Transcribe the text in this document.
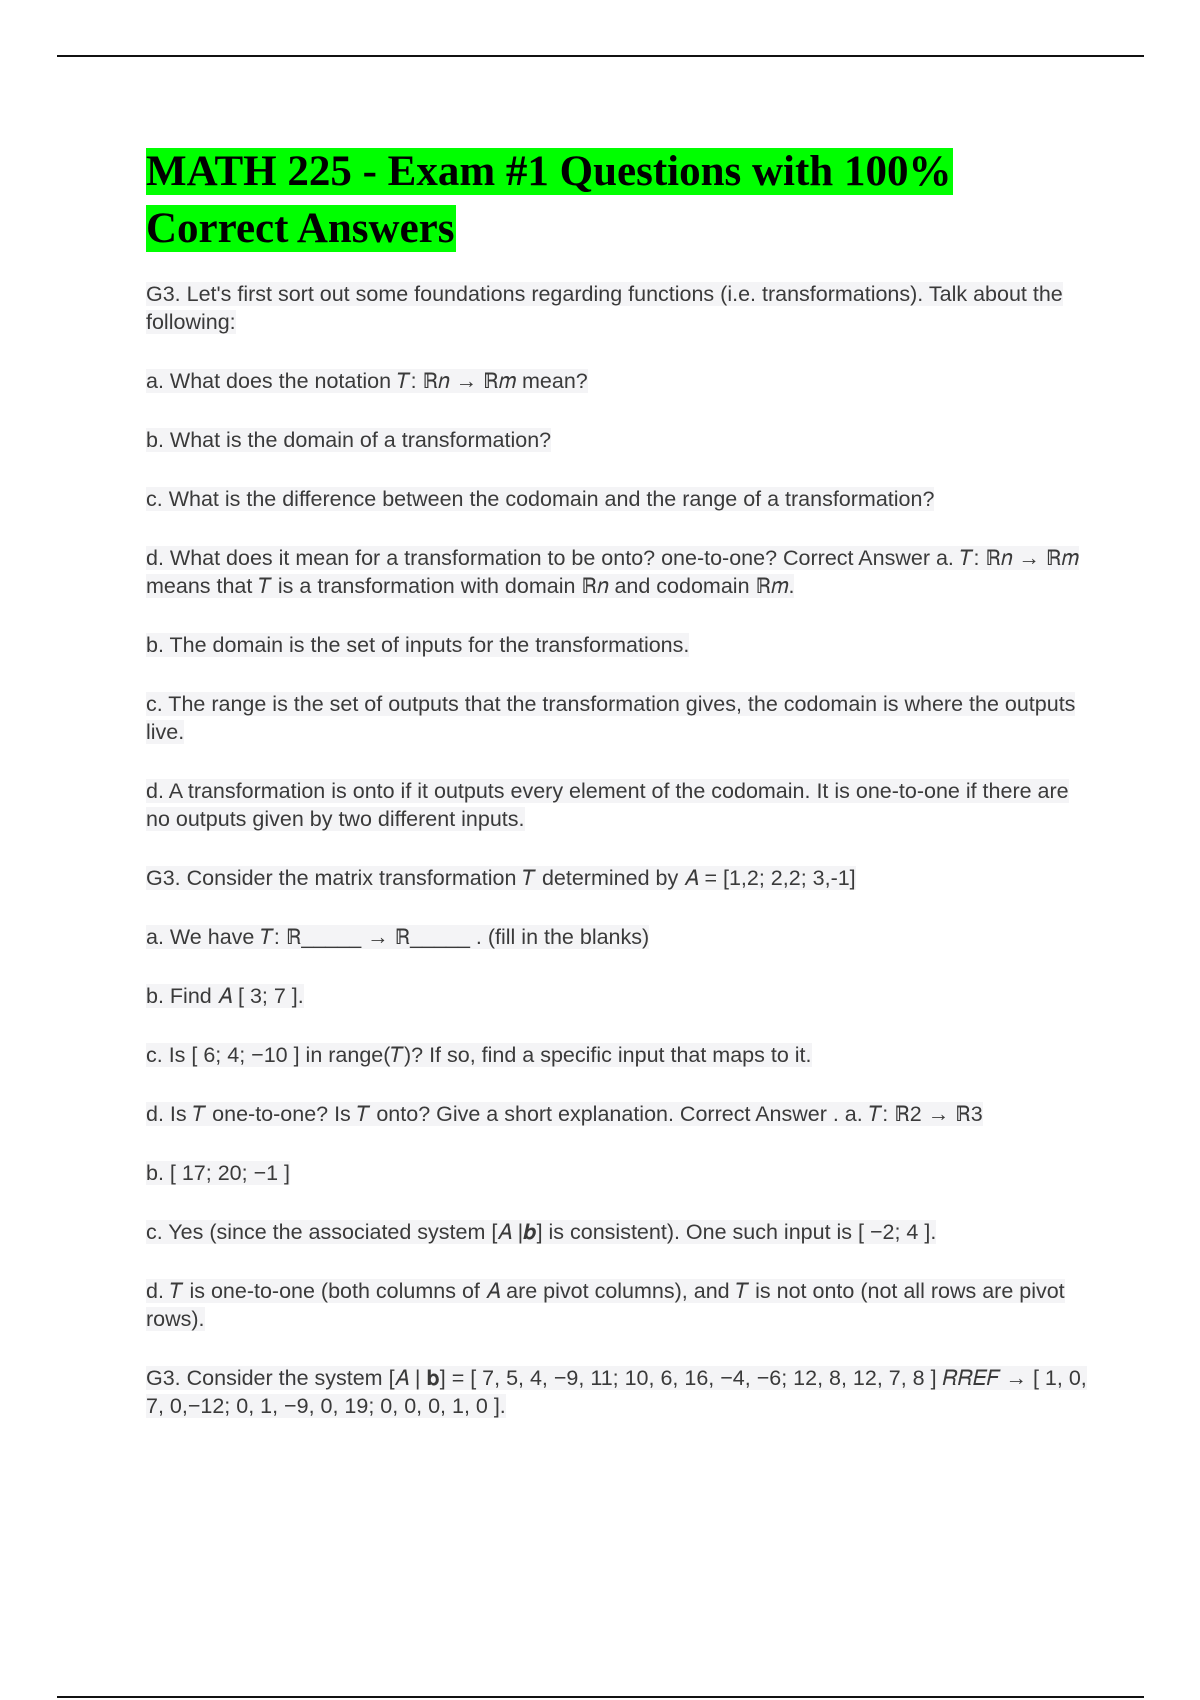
MATH 225 - Exam #1 Questions with 100%
Correct Answers

G3. Let's first sort out some foundations regarding functions (i.e. transformations). Talk about the following:

a. What does the notation 𝑇: ℝ𝑛 → ℝ𝑚 mean?

b. What is the domain of a transformation?

c. What is the difference between the codomain and the range of a transformation?

d. What does it mean for a transformation to be onto? one-to-one? Correct Answer a. 𝑇: ℝ𝑛 → ℝ𝑚 means that 𝑇 is a transformation with domain ℝ𝑛 and codomain ℝ𝑚.

b. The domain is the set of inputs for the transformations.

c. The range is the set of outputs that the transformation gives, the codomain is where the outputs live.

d. A transformation is onto if it outputs every element of the codomain. It is one-to-one if there are no outputs given by two different inputs.

G3. Consider the matrix transformation 𝑇 determined by 𝐴 = [1,2; 2,2; 3,-1]

a. We have 𝑇: ℝ_____ → ℝ_____ . (fill in the blanks)

b. Find 𝐴 [ 3; 7 ].

c. Is [ 6; 4; −10 ] in range(𝑇)? If so, find a specific input that maps to it.

d. Is 𝑇 one-to-one? Is 𝑇 onto? Give a short explanation. Correct Answer . a. 𝑇: ℝ2 → ℝ3

b. [ 17; 20; −1 ]

c. Yes (since the associated system [𝐴 |𝒃] is consistent). One such input is [ −2; 4 ].

d. 𝑇 is one-to-one (both columns of 𝐴 are pivot columns), and 𝑇 is not onto (not all rows are pivot rows).

G3. Consider the system [𝐴 | 𝐛] = [ 7, 5, 4, −9, 11; 10, 6, 16, −4, −6; 12, 8, 12, 7, 8 ] 𝑅𝑅𝐸𝐹 → [ 1, 0, 7, 0,−12; 0, 1, −9, 0, 19; 0, 0, 0, 1, 0 ].
